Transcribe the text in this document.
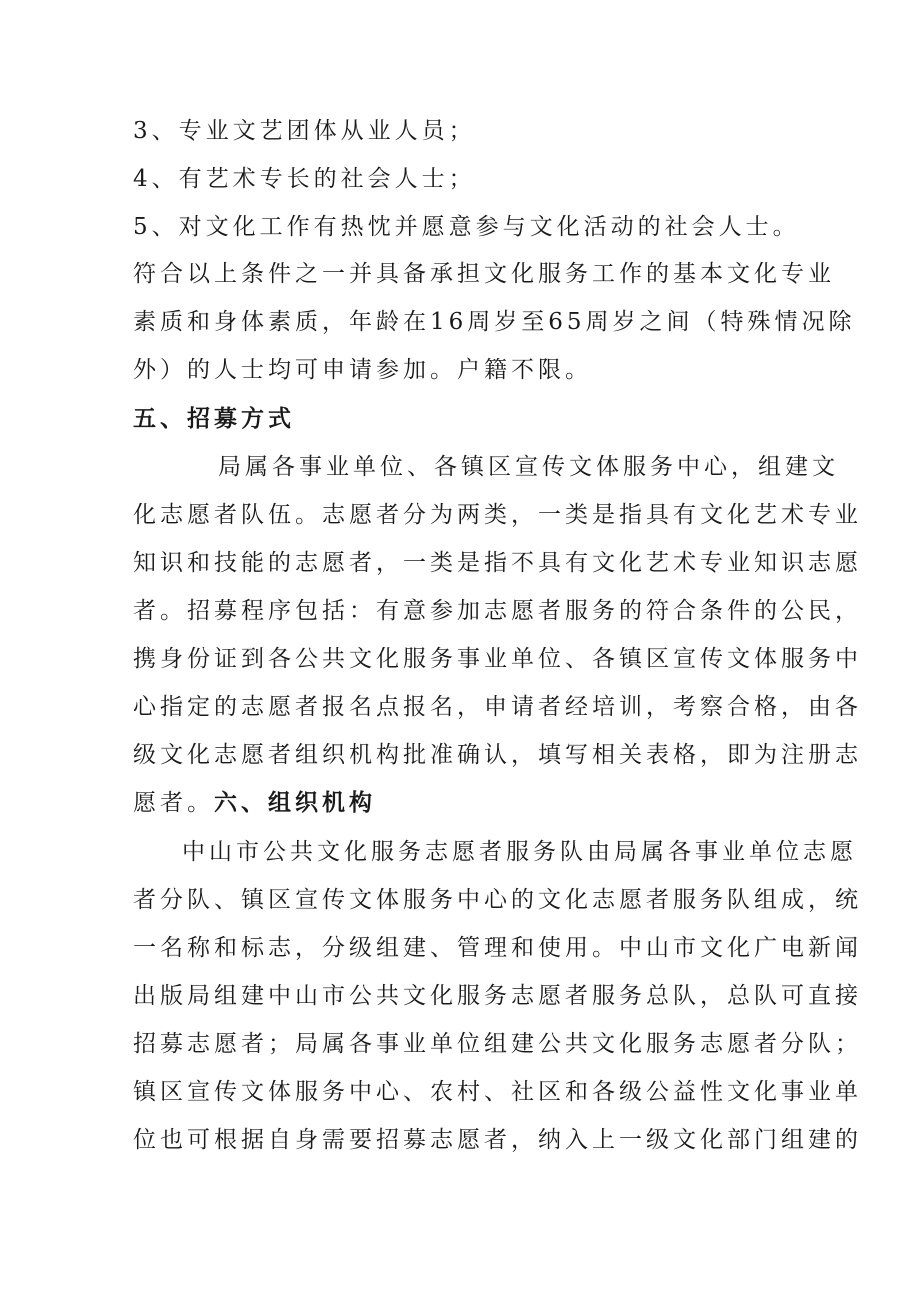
3、专业文艺团体从业人员；
4、有艺术专长的社会人士；
5、对文化工作有热忱并愿意参与文化活动的社会人士。
符合以上条件之一并具备承担文化服务工作的基本文化专业
素质和身体素质，年龄在16周岁至65周岁之间（特殊情况除
外）的人士均可申请参加。户籍不限。
五、招募方式
局属各事业单位、各镇区宣传文体服务中心，组建文
化志愿者队伍。志愿者分为两类，一类是指具有文化艺术专业
知识和技能的志愿者，一类是指不具有文化艺术专业知识志愿
者。招募程序包括：有意参加志愿者服务的符合条件的公民，
携身份证到各公共文化服务事业单位、各镇区宣传文体服务中
心指定的志愿者报名点报名，申请者经培训，考察合格，由各
级文化志愿者组织机构批准确认，填写相关表格，即为注册志
愿者。六、组织机构
中山市公共文化服务志愿者服务队由局属各事业单位志愿
者分队、镇区宣传文体服务中心的文化志愿者服务队组成，统
一名称和标志，分级组建、管理和使用。中山市文化广电新闻
出版局组建中山市公共文化服务志愿者服务总队，总队可直接
招募志愿者；局属各事业单位组建公共文化服务志愿者分队；
镇区宣传文体服务中心、农村、社区和各级公益性文化事业单
位也可根据自身需要招募志愿者，纳入上一级文化部门组建的
